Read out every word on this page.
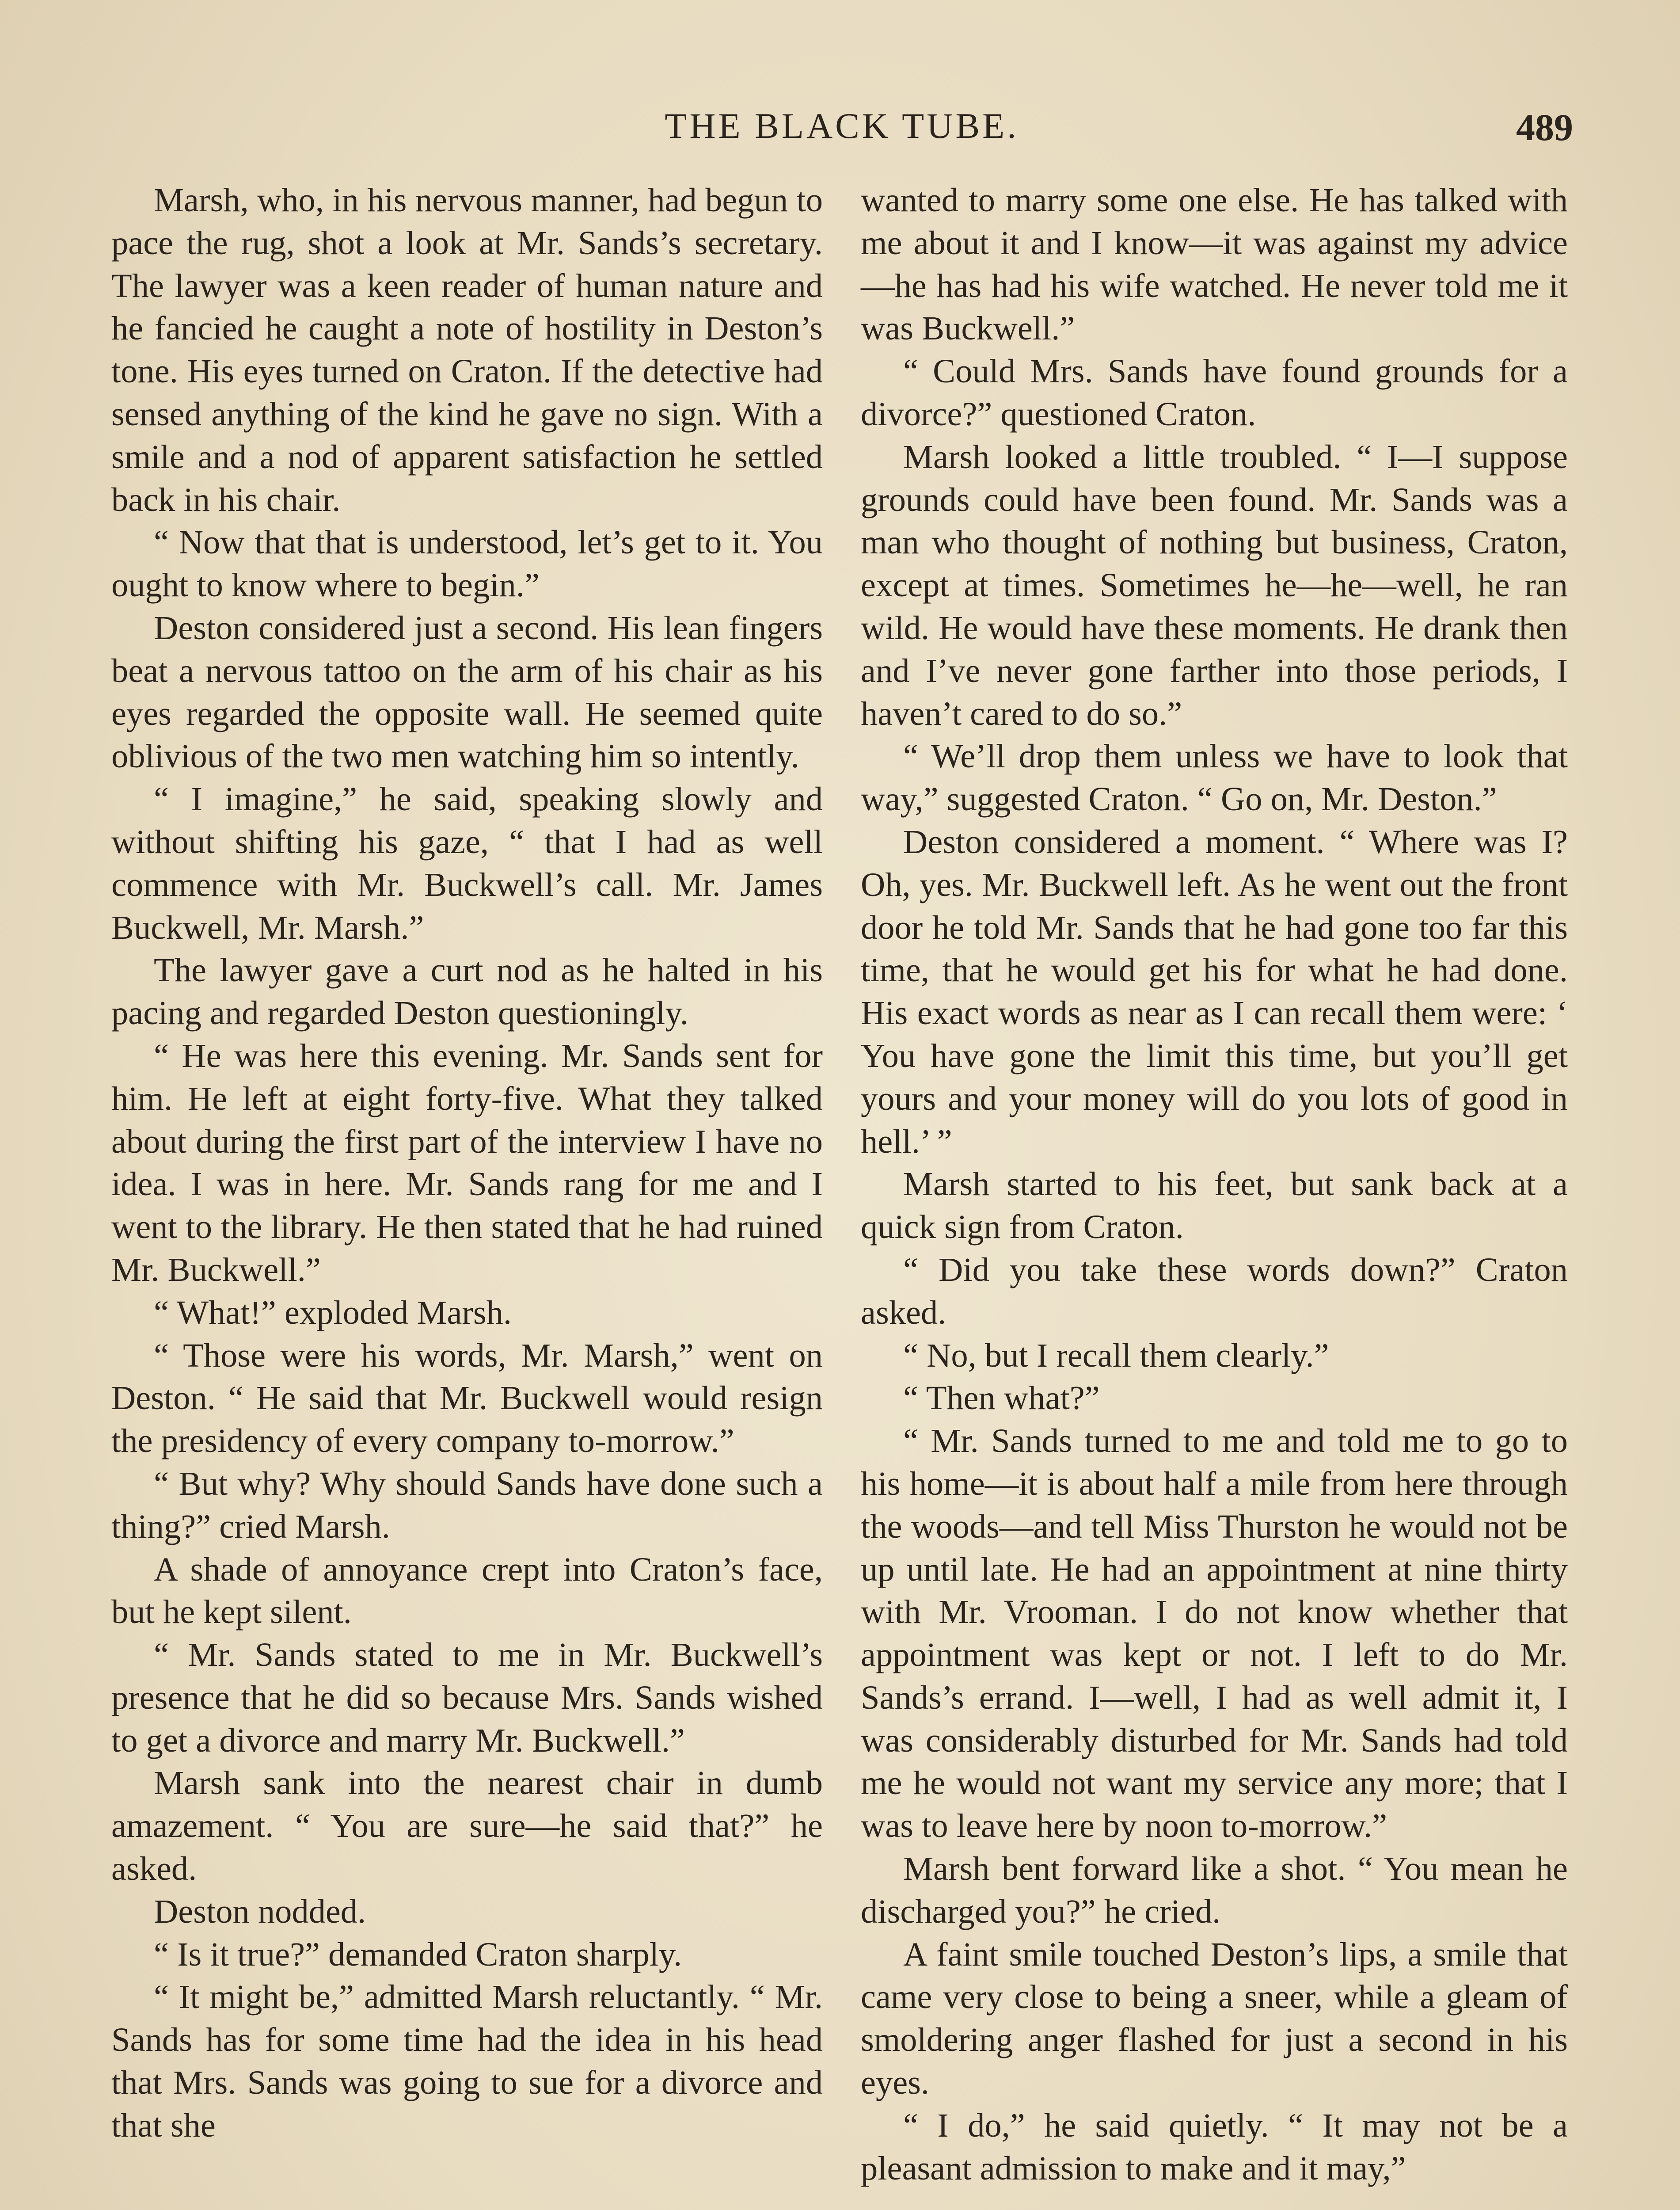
THE BLACK TUBE.	489

Marsh, who, in his nervous manner, had begun to pace the rug, shot a look at Mr. Sands’s secretary. The lawyer was a keen reader of human nature and he fancied he caught a note of hostility in Deston’s tone. His eyes turned on Craton. If the detective had sensed anything of the kind he gave no sign. With a smile and a nod of apparent satisfaction he settled back in his chair.

“ Now that that is understood, let’s get to it. You ought to know where to begin.”

Deston considered just a second. His lean fingers beat a nervous tattoo on the arm of his chair as his eyes regarded the opposite wall. He seemed quite oblivious of the two men watching him so intently.

“ I imagine,” he said, speaking slowly and without shifting his gaze, “ that I had as well commence with Mr. Buckwell’s call. Mr. James Buckwell, Mr. Marsh.”

The lawyer gave a curt nod as he halted in his pacing and regarded Deston questioningly.

“ He was here this evening. Mr. Sands sent for him. He left at eight forty-five. What they talked about during the first part of the interview I have no idea. I was in here. Mr. Sands rang for me and I went to the library. He then stated that he had ruined Mr. Buckwell.”

“ What!” exploded Marsh.

“ Those were his words, Mr. Marsh,” went on Deston. “ He said that Mr. Buckwell would resign the presidency of every company to-morrow.”

“ But why? Why should Sands have done such a thing?” cried Marsh.

A shade of annoyance crept into Craton’s face, but he kept silent.

“ Mr. Sands stated to me in Mr. Buckwell’s presence that he did so because Mrs. Sands wished to get a divorce and marry Mr. Buckwell.”

Marsh sank into the nearest chair in dumb amazement. “ You are sure—he said that?” he asked.

Deston nodded.

“ Is it true?” demanded Craton sharply.

“ It might be,” admitted Marsh reluctantly. “ Mr. Sands has for some time had the idea in his head that Mrs. Sands was going to sue for a divorce and that she

wanted to marry some one else. He has talked with me about it and I know—it was against my advice—he has had his wife watched. He never told me it was Buckwell.”

“ Could Mrs. Sands have found grounds for a divorce?” questioned Craton.

Marsh looked a little troubled. “ I—I suppose grounds could have been found. Mr. Sands was a man who thought of nothing but business, Craton, except at times. Sometimes he—he—well, he ran wild. He would have these moments. He drank then and I’ve never gone farther into those periods, I haven’t cared to do so.”

“ We’ll drop them unless we have to look that way,” suggested Craton. “ Go on, Mr. Deston.”

Deston considered a moment. “ Where was I? Oh, yes. Mr. Buckwell left. As he went out the front door he told Mr. Sands that he had gone too far this time, that he would get his for what he had done. His exact words as near as I can recall them were: ‘ You have gone the limit this time, but you’ll get yours and your money will do you lots of good in hell.’ ”

Marsh started to his feet, but sank back at a quick sign from Craton.

“ Did you take these words down?” Craton asked.

“ No, but I recall them clearly.”

“ Then what?”

“ Mr. Sands turned to me and told me to go to his home—it is about half a mile from here through the woods—and tell Miss Thurston he would not be up until late. He had an appointment at nine thirty with Mr. Vrooman. I do not know whether that appointment was kept or not. I left to do Mr. Sands’s errand. I—well, I had as well admit it, I was considerably disturbed for Mr. Sands had told me he would not want my service any more; that I was to leave here by noon to-morrow.”

Marsh bent forward like a shot. “ You mean he discharged you?” he cried.

A faint smile touched Deston’s lips, a smile that came very close to being a sneer, while a gleam of smoldering anger flashed for just a second in his eyes.

“ I do,” he said quietly. “ It may not be a pleasant admission to make and it may,”
